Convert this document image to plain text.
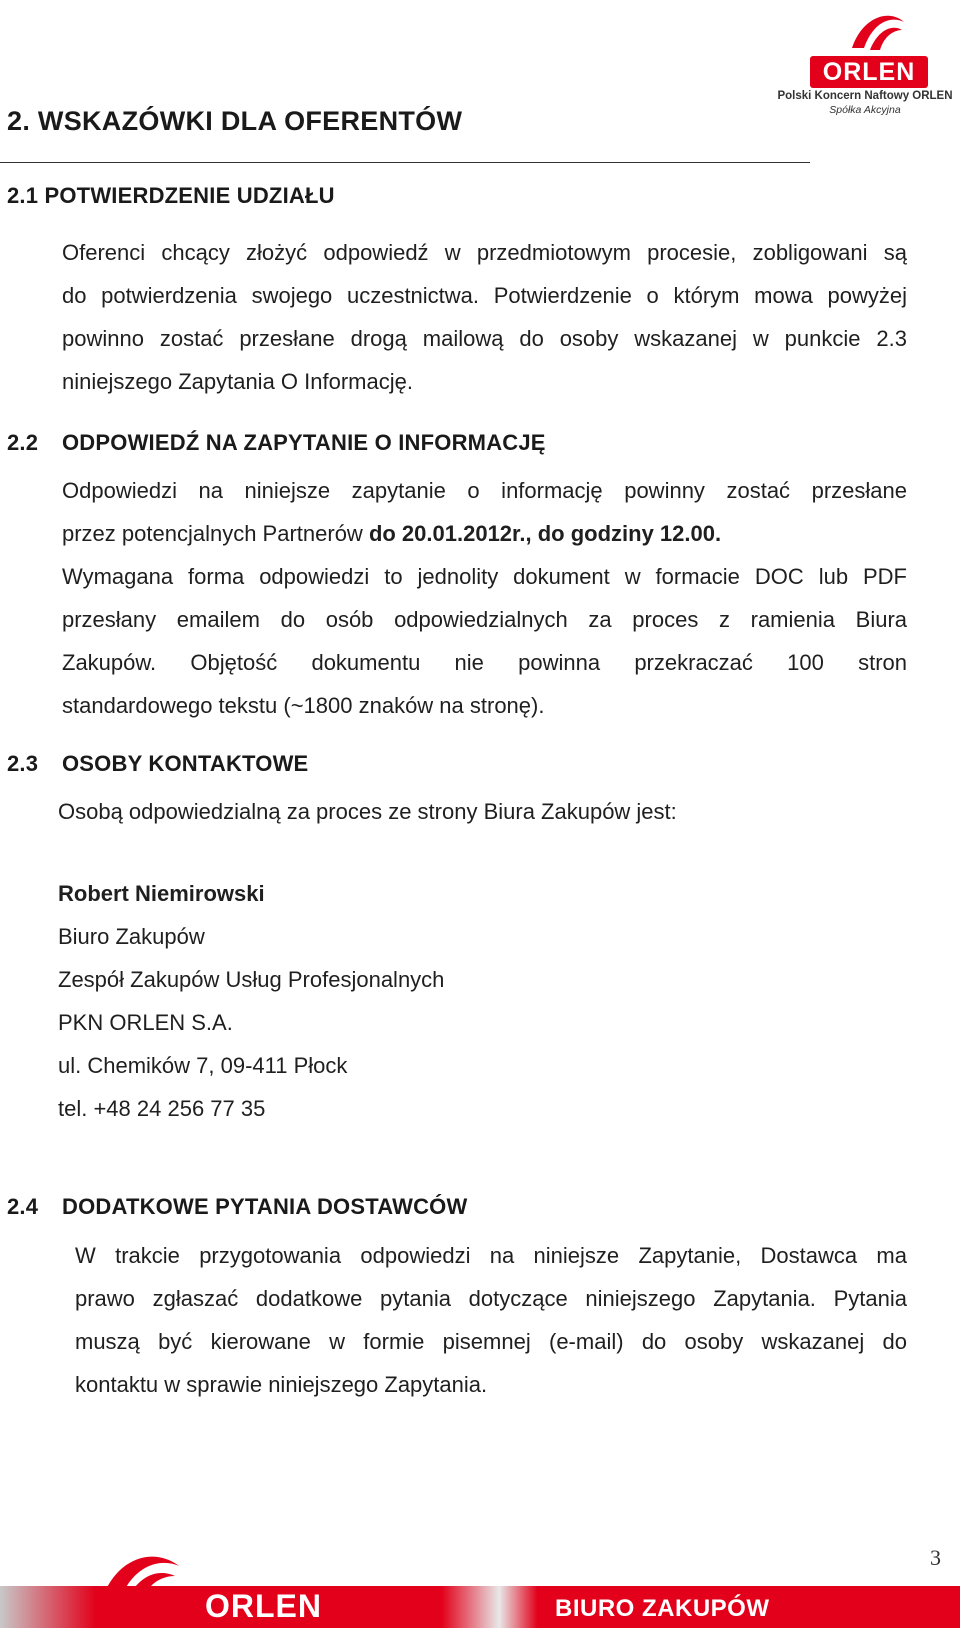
ORLEN
Polski Koncern Naftowy ORLEN
Spółka Akcyjna
2. WSKAZÓWKI DLA OFERENTÓW
2.1 POTWIERDZENIE UDZIAŁU
Oferenci chcący złożyć odpowiedź w przedmiotowym procesie, zobligowani są
do potwierdzenia swojego uczestnictwa. Potwierdzenie o którym mowa powyżej
powinno zostać przesłane drogą mailową do osoby wskazanej w punkcie 2.3
niniejszego Zapytania O Informację.
2.2 ODPOWIEDŹ NA ZAPYTANIE O INFORMACJĘ
Odpowiedzi na niniejsze zapytanie o informację powinny zostać przesłane
przez potencjalnych Partnerów do 20.01.2012r., do godziny 12.00.
Wymagana forma odpowiedzi to jednolity dokument w formacie DOC lub PDF
przesłany emailem do osób odpowiedzialnych za proces z ramienia Biura
Zakupów. Objętość dokumentu nie powinna przekraczać 100 stron
standardowego tekstu (~1800 znaków na stronę).
2.3 OSOBY KONTAKTOWE
Osobą odpowiedzialną za proces ze strony Biura Zakupów jest:
Robert Niemirowski
Biuro Zakupów
Zespół Zakupów Usług Profesjonalnych
PKN ORLEN S.A.
ul. Chemików 7, 09-411 Płock
tel. +48 24 256 77 35
2.4 DODATKOWE PYTANIA DOSTAWCÓW
W trakcie przygotowania odpowiedzi na niniejsze Zapytanie, Dostawca ma
prawo zgłaszać dodatkowe pytania dotyczące niniejszego Zapytania. Pytania
muszą być kierowane w formie pisemnej (e-mail) do osoby wskazanej do
kontaktu w sprawie niniejszego Zapytania.
3
ORLEN	BIURO ZAKUPÓW
